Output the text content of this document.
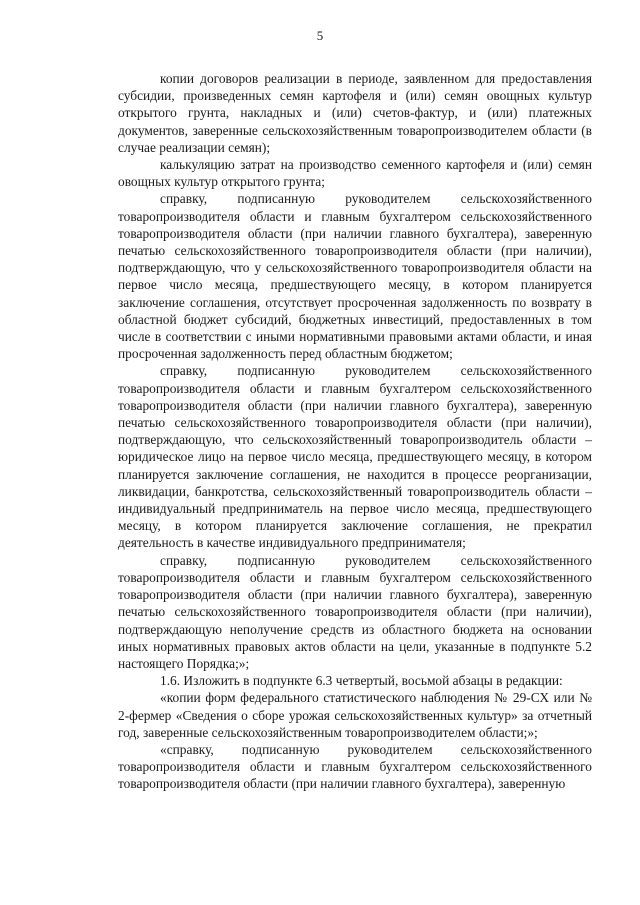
5

копии договоров реализации в периоде, заявленном для предоставления субсидии, произведенных семян картофеля и (или) семян овощных культур открытого грунта, накладных и (или) счетов-фактур, и (или) платежных документов, заверенные сельскохозяйственным товаропроизводителем области (в случае реализации семян);

калькуляцию затрат на производство семенного картофеля и (или) семян овощных культур открытого грунта;

справку, подписанную руководителем сельскохозяйственного товаропроизводителя области и главным бухгалтером сельскохозяйственного товаропроизводителя области (при наличии главного бухгалтера), заверенную печатью сельскохозяйственного товаропроизводителя области (при наличии), подтверждающую, что у сельскохозяйственного товаропроизводителя области на первое число месяца, предшествующего месяцу, в котором планируется заключение соглашения, отсутствует просроченная задолженность по возврату в областной бюджет субсидий, бюджетных инвестиций, предоставленных в том числе в соответствии с иными нормативными правовыми актами области, и иная просроченная задолженность перед областным бюджетом;

справку, подписанную руководителем сельскохозяйственного товаропроизводителя области и главным бухгалтером сельскохозяйственного товаропроизводителя области (при наличии главного бухгалтера), заверенную печатью сельскохозяйственного товаропроизводителя области (при наличии), подтверждающую, что сельскохозяйственный товаропроизводитель области – юридическое лицо на первое число месяца, предшествующего месяцу, в котором планируется заключение соглашения, не находится в процессе реорганизации, ликвидации, банкротства, сельскохозяйственный товаропроизводитель области – индивидуальный предприниматель на первое число месяца, предшествующего месяцу, в котором планируется заключение соглашения, не прекратил деятельность в качестве индивидуального предпринимателя;

справку, подписанную руководителем сельскохозяйственного товаропроизводителя области и главным бухгалтером сельскохозяйственного товаропроизводителя области (при наличии главного бухгалтера), заверенную печатью сельскохозяйственного товаропроизводителя области (при наличии), подтверждающую неполучение средств из областного бюджета на основании иных нормативных правовых актов области на цели, указанные в подпункте 5.2 настоящего Порядка;»;

1.6. Изложить в подпункте 6.3 четвертый, восьмой абзацы в редакции:

«копии форм федерального статистического наблюдения № 29-СХ или № 2-фермер «Сведения о сборе урожая сельскохозяйственных культур» за отчетный год, заверенные сельскохозяйственным товаропроизводителем области;»;

«справку, подписанную руководителем сельскохозяйственного товаропроизводителя области и главным бухгалтером сельскохозяйственного товаропроизводителя области (при наличии главного бухгалтера), заверенную
